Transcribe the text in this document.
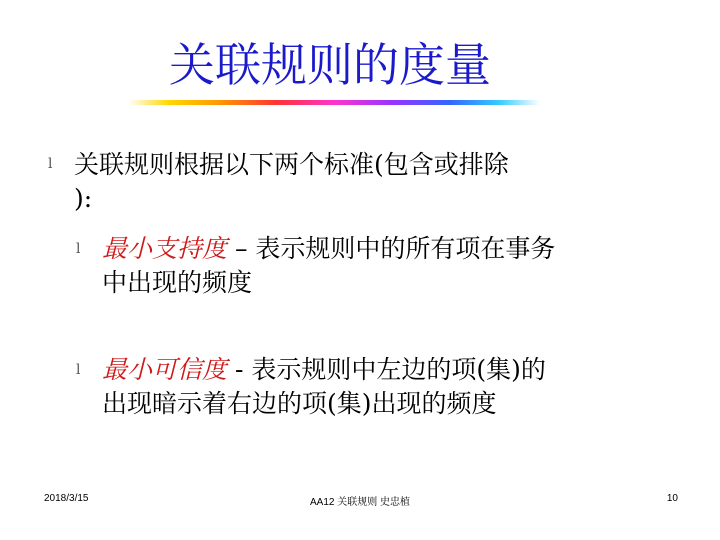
关联规则的度量
l 关联规则根据以下两个标准(包含或排除
):
l 最小支持度 – 表示规则中的所有项在事务
中出现的频度
l 最小可信度 - 表示规则中左边的项(集)的
出现暗示着右边的项(集)出现的频度
2018/3/15	AA12 关联规则 史忠植	10
